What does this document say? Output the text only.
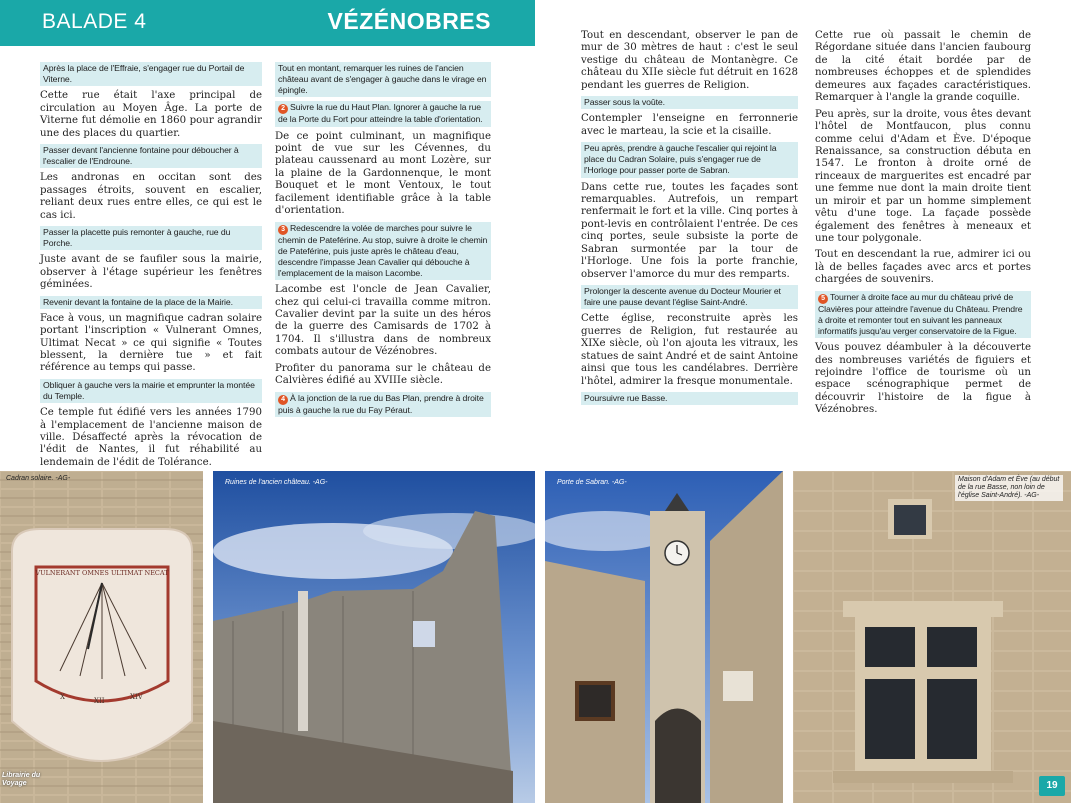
BALADE 4	VÉZÉNOBRES
Après la place de l'Effraie, s'engager rue du Portail de Viterne.
Cette rue était l'axe principal de circulation au Moyen Âge. La porte de Viterne fut démolie en 1860 pour agrandir une des places du quartier.
Passer devant l'ancienne fontaine pour déboucher à l'escalier de l'Endroune.
Les andronas en occitan sont des passages étroits, souvent en escalier, reliant deux rues entre elles, ce qui est le cas ici.
Passer la placette puis remonter à gauche, rue du Porche.
Juste avant de se faufiler sous la mairie, observer à l'étage supérieur les fenêtres géminées.
Revenir devant la fontaine de la place de la Mairie.
Face à vous, un magnifique cadran solaire portant l'inscription « Vulnerant Omnes, Ultimat Necat » ce qui signifie « Toutes blessent, la dernière tue » et fait référence au temps qui passe.
Obliquer à gauche vers la mairie et emprunter la montée du Temple.
Ce temple fut édifié vers les années 1790 à l'emplacement de l'ancienne maison de ville. Désaffecté après la révocation de l'édit de Nantes, il fut réhabilité au lendemain de l'édit de Tolérance.
Tout en montant, remarquer les ruines de l'ancien château avant de s'engager à gauche dans le virage en épingle.
2 Suivre la rue du Haut Plan. Ignorer à gauche la rue de la Porte du Fort pour atteindre la table d'orientation.
De ce point culminant, un magnifique point de vue sur les Cévennes, du plateau caussenard au mont Lozère, sur la plaine de la Gardonnenque, le mont Bouquet et le mont Ventoux, le tout facilement identifiable grâce à la table d'orientation.
3 Redescendre la volée de marches pour suivre le chemin de Pateférine. Au stop, suivre à droite le chemin de Pateférine, puis juste après le château d'eau, descendre l'impasse Jean Cavalier qui débouche à l'emplacement de la maison Lacombe.
Lacombe est l'oncle de Jean Cavalier, chez qui celui-ci travailla comme mitron. Cavalier devint par la suite un des héros de la guerre des Camisards de 1702 à 1704. Il s'illustra dans de nombreux combats autour de Vézénobres.
Profiter du panorama sur le château de Calvières édifié au XVIIIe siècle.
4 À la jonction de la rue du Bas Plan, prendre à droite puis à gauche la rue du Fay Péraut.
Tout en descendant, observer le pan de mur de 30 mètres de haut : c'est le seul vestige du château de Montanègre. Ce château du XIIe siècle fut détruit en 1628 pendant les guerres de Religion.
Passer sous la voûte.
Contempler l'enseigne en ferronnerie avec le marteau, la scie et la cisaille.
Peu après, prendre à gauche l'escalier qui rejoint la place du Cadran Solaire, puis s'engager rue de l'Horloge pour passer porte de Sabran.
Dans cette rue, toutes les façades sont remarquables. Autrefois, un rempart renfermait le fort et la ville. Cinq portes à pont-levis en contrôlaient l'entrée. De ces cinq portes, seule subsiste la porte de Sabran surmontée par la tour de l'Horloge. Une fois la porte franchie, observer l'amorce du mur des remparts.
Prolonger la descente avenue du Docteur Mourier et faire une pause devant l'église Saint-André.
Cette église, reconstruite après les guerres de Religion, fut restaurée au XIXe siècle, où l'on ajouta les vitraux, les statues de saint André et de saint Antoine ainsi que tous les candélabres. Derrière l'hôtel, admirer la fresque monumentale.
Poursuivre rue Basse.
Cette rue où passait le chemin de Régordane située dans l'ancien faubourg de la cité était bordée par de nombreuses échoppes et de splendides demeures aux façades caractéristiques. Remarquer à l'angle la grande coquille.
Peu après, sur la droite, vous êtes devant l'hôtel de Montfaucon, plus connu comme celui d'Adam et Ève. D'époque Renaissance, sa construction débuta en 1547. Le fronton à droite orné de rinceaux de marguerites est encadré par une femme nue dont la main droite tient un miroir et par un homme simplement vêtu d'une toge. La façade possède également des fenêtres à meneaux et une tour polygonale.
Tout en descendant la rue, admirer ici ou là de belles façades avec arcs et portes chargées de souvenirs.
5 Tourner à droite face au mur du château privé de Clavières pour atteindre l'avenue du Château. Prendre à droite et remonter tout en suivant les panneaux informatifs jusqu'au verger conservatoire de la Figue.
Vous pouvez déambuler à la découverte des nombreuses variétés de figuiers et rejoindre l'office de tourisme où un espace scénographique permet de découvrir l'histoire de la figue à Vézénobres.
VULNERANT OMNES ULTIMAT NECAT
X	XII	XIV
Cadran solaire. -AG-
Ruines de l'ancien château. -AG-	Porte de Sabran. -AG-	Maison d'Adam et Ève (au début de la rue Basse, non loin de l'église Saint-André). -AG-
Librairie du Voyage	19
